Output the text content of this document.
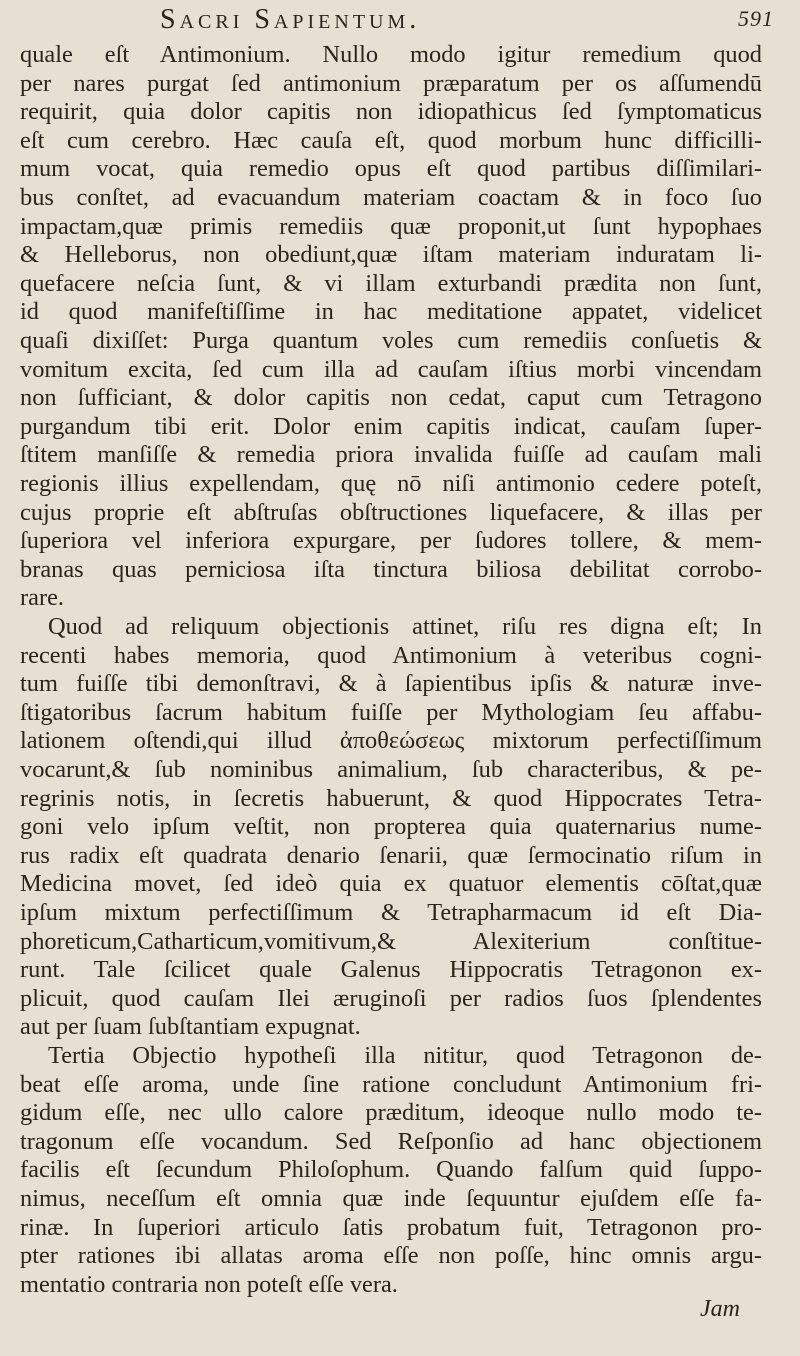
Sacri Sapientum.	591
quale eſt Antimonium. Nullo modo igitur remedium quod
per nares purgat ſed antimonium præparatum per os aſſumendū
requirit, quia dolor capitis non idiopathicus ſed ſymptomaticus
eſt cum cerebro. Hæc cauſa eſt, quod morbum hunc difficilli-
mum vocat, quia remedio opus eſt quod partibus diſſimilari-
bus conſtet, ad evacuandum materiam coactam & in foco ſuo
impactam,quæ primis remediis quæ proponit,ut ſunt hypophaes
& Helleborus, non obediunt,quæ iſtam materiam induratam li-
quefacere neſcia ſunt, & vi illam exturbandi prædita non ſunt,
id quod manifeſtiſſime in hac meditatione appatet, videlicet
quaſi dixiſſet: Purga quantum voles cum remediis conſuetis &
vomitum excita, ſed cum illa ad cauſam iſtius morbi vincendam
non ſufficiant, & dolor capitis non cedat, caput cum Tetragono
purgandum tibi erit. Dolor enim capitis indicat, cauſam ſuper-
ſtitem manſiſſe & remedia priora invalida fuiſſe ad cauſam mali
regionis illius expellendam, quę nō niſi antimonio cedere poteſt,
cujus proprie eſt abſtruſas obſtructiones liquefacere, & illas per
ſuperiora vel inferiora expurgare, per ſudores tollere, & mem-
branas quas perniciosa iſta tinctura biliosa debilitat corrobo-
rare.
Quod ad reliquum objectionis attinet, riſu res digna eſt; In
recenti habes memoria, quod Antimonium à veteribus cogni-
tum fuiſſe tibi demonſtravi, & à ſapientibus ipſis & naturæ inve-
ſtigatoribus ſacrum habitum fuiſſe per Mythologiam ſeu affabu-
lationem oſtendi,qui illud ἀποθεώσεως mixtorum perfectiſſimum
vocarunt,& ſub nominibus animalium, ſub characteribus, & pe-
regrinis notis, in ſecretis habuerunt, & quod Hippocrates Tetra-
goni velo ipſum veſtit, non propterea quia quaternarius nume-
rus radix eſt quadrata denario ſenarii, quæ ſermocinatio riſum in
Medicina movet, ſed ideò quia ex quatuor elementis cōſtat,quæ
ipſum mixtum perfectiſſimum & Tetrapharmacum id eſt Dia-
phoreticum,Catharticum,vomitivum,& Alexiterium conſtitue-
runt. Tale ſcilicet quale Galenus Hippocratis Tetragonon ex-
plicuit, quod cauſam Ilei æruginoſi per radios ſuos ſplendentes
aut per ſuam ſubſtantiam expugnat.
Tertia Objectio hypotheſi illa nititur, quod Tetragonon de-
beat eſſe aroma, unde ſine ratione concludunt Antimonium fri-
gidum eſſe, nec ullo calore præditum, ideoque nullo modo te-
tragonum eſſe vocandum. Sed Reſponſio ad hanc objectionem
facilis eſt ſecundum Philoſophum. Quando falſum quid ſuppo-
nimus, neceſſum eſt omnia quæ inde ſequuntur ejuſdem eſſe fa-
rinæ. In ſuperiori articulo ſatis probatum fuit, Tetragonon pro-
pter rationes ibi allatas aroma eſſe non poſſe, hinc omnis argu-
mentatio contraria non poteſt eſſe vera.
Jam
